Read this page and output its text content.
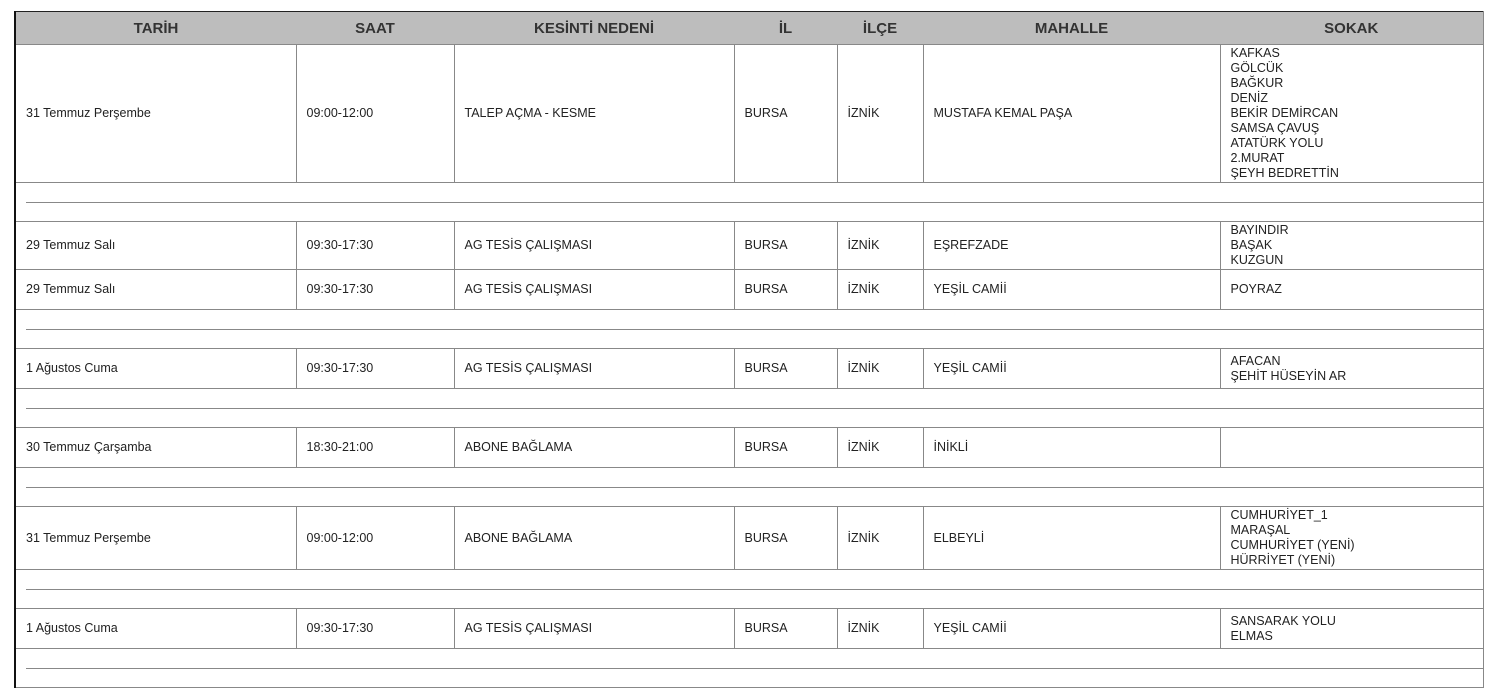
TARİH	SAAT	KESİNTİ NEDENİ	İL	İLÇE	MAHALLE	SOKAK
31 Temmuz Perşembe	09:00-12:00	TALEP AÇMA - KESME	BURSA	İZNİK	MUSTAFA KEMAL PAŞA	
KAFKAS
GÖLCÜK
BAĞKUR
DENİZ
BEKİR DEMİRCAN
SAMSA ÇAVUŞ
ATATÜRK YOLU
2.MURAT
ŞEYH BEDRETTİN

29 Temmuz Salı	09:30-17:30	AG TESİS ÇALIŞMASI	BURSA	İZNİK	EŞREFZADE	BAYINDIR
BAŞAK
KUZGUN

29 Temmuz Salı	09:30-17:30	AG TESİS ÇALIŞMASI	BURSA	İZNİK	YEŞİL CAMİİ	POYRAZ

1 Ağustos Cuma	09:30-17:30	AG TESİS ÇALIŞMASI	BURSA	İZNİK	YEŞİL CAMİİ	AFACAN
ŞEHİT HÜSEYİN AR

30 Temmuz Çarşamba	18:30-21:00	ABONE BAĞLAMA	BURSA	İZNİK	İNİKLİ	

31 Temmuz Perşembe	09:00-12:00	ABONE BAĞLAMA	BURSA	İZNİK	ELBEYLİ	CUMHURİYET_1
MARAŞAL
CUMHURİYET (YENİ)
HÜRRİYET (YENİ)

1 Ağustos Cuma	09:30-17:30	AG TESİS ÇALIŞMASI	BURSA	İZNİK	YEŞİL CAMİİ	SANSARAK YOLU
ELMAS
